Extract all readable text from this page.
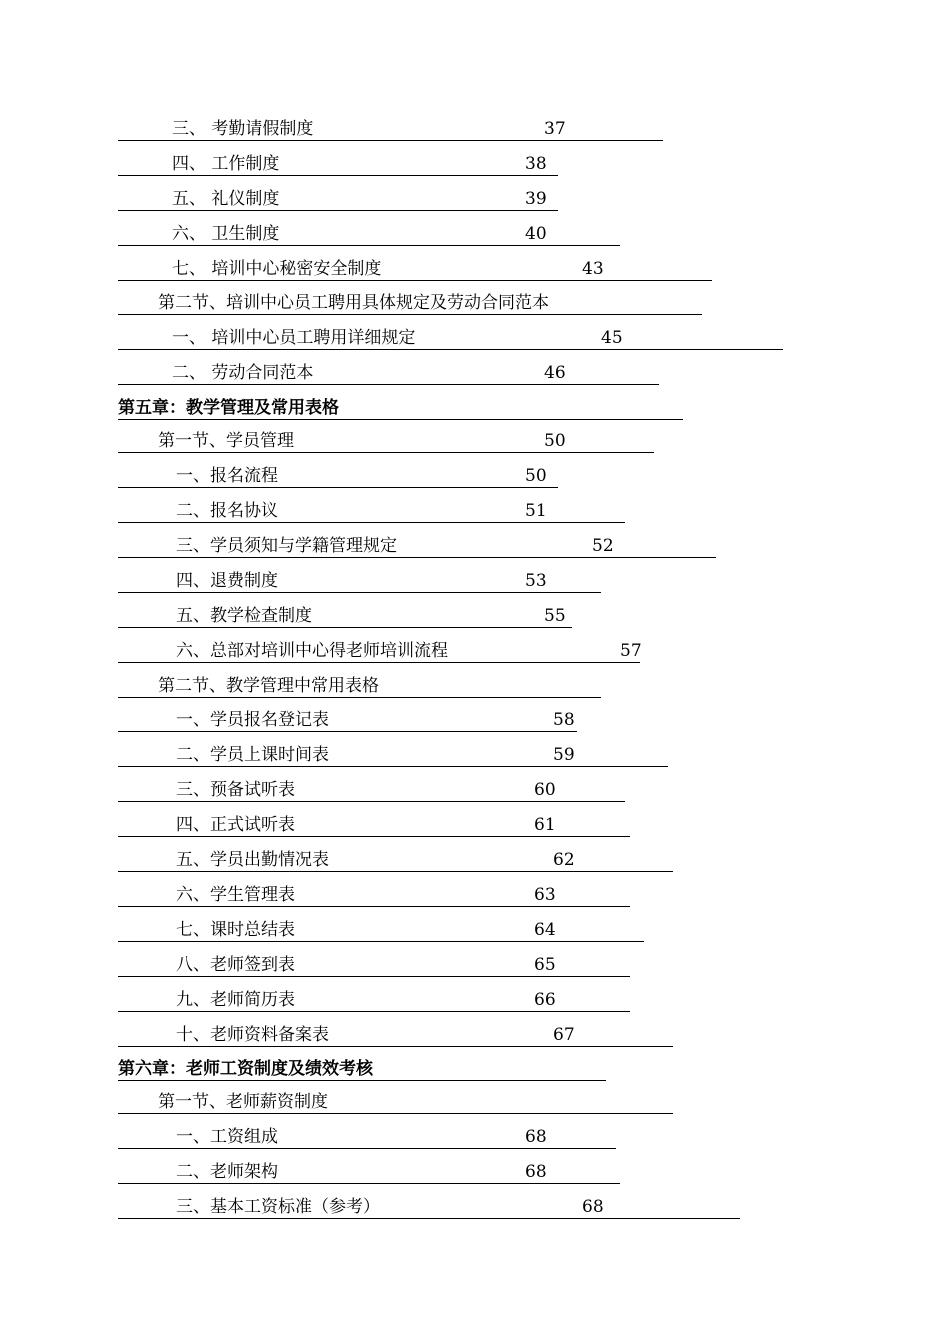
三、 考勤请假制度	37
四、 工作制度	38
五、 礼仪制度	39
六、 卫生制度	40
七、 培训中心秘密安全制度	43
第二节、培训中心员工聘用具体规定及劳动合同范本
一、 培训中心员工聘用详细规定	45
二、 劳动合同范本	46
第五章：教学管理及常用表格
第一节、学员管理	50
一、报名流程	50
二、报名协议	51
三、学员须知与学籍管理规定	52
四、退费制度	53
五、教学检查制度	55
六、总部对培训中心得老师培训流程	57
第二节、教学管理中常用表格
一、学员报名登记表	58
二、学员上课时间表	59
三、预备试听表	60
四、正式试听表	61
五、学员出勤情况表	62
六、学生管理表	63
七、课时总结表	64
八、老师签到表	65
九、老师简历表	66
十、老师资料备案表	67
第六章：老师工资制度及绩效考核
第一节、老师薪资制度
一、工资组成	68
二、老师架构	68
三、基本工资标准（参考）	68
